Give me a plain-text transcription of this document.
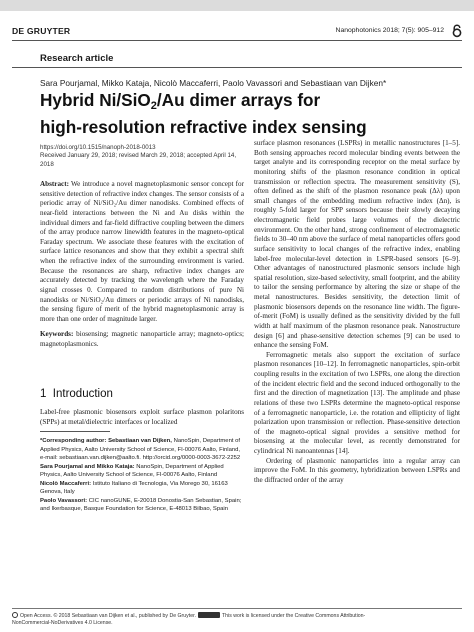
DE GRUYTER	Nanophotonics 2018; 7(5): 905–912
Research article
Sara Pourjamal, Mikko Kataja, Nicolò Maccaferri, Paolo Vavassori and Sebastiaan van Dijken*
Hybrid Ni/SiO$_2$/Au dimer arrays for
high-resolution refractive index sensing
https://doi.org/10.1515/nanoph-2018-0013
Received January 29, 2018; revised March 29, 2018; accepted April 14, 2018

Abstract: We introduce a novel magnetoplasmonic sensor concept for sensitive detection of refractive index changes. The sensor consists of a periodic array of Ni/SiO₂/Au dimer nanodisks. Combined effects of near-field interactions between the Ni and Au disks within the individual dimers and far-field diffractive coupling between the dimers of the array produce narrow linewidth features in the magneto-optical Faraday spectrum. We associate these features with the excitation of surface lattice resonances and show that they exhibit a spectral shift when the refractive index of the surrounding environment is varied. Because the resonances are sharp, refractive index changes are accurately detected by tracking the wavelength where the Faraday signal crosses 0. Compared to random distributions of pure Ni nanodisks or Ni/SiO₂/Au dimers or periodic arrays of Ni nanodisks, the sensing figure of merit of the hybrid magnetoplasmonic array is more than one order of magnitude larger.

Keywords: biosensing; magnetic nanoparticle array; magneto-optics; magnetoplasmonics.

1 Introduction
Label-free plasmonic biosensors exploit surface plasmon polaritons (SPPs) at metal/dielectric interfaces or localized
*Corresponding author: Sebastiaan van Dijken, NanoSpin, Department of Applied Physics, Aalto University School of Science, FI-00076 Aalto, Finland, e-mail: sebastiaan.van.dijken@aalto.fi. http://orcid.org/0000-0003-3672-2252
Sara Pourjamal and Mikko Kataja: NanoSpin, Department of Applied Physics, Aalto University School of Science, FI-00076 Aalto, Finland
Nicolò Maccaferri: Istituto Italiano di Tecnologia, Via Morego 30, 16163 Genova, Italy
Paolo Vavassori: CIC nanoGUNE, E-20018 Donostia-San Sebastian, Spain; and Ikerbasque, Basque Foundation for Science, E-48013 Bilbao, Spain

surface plasmon resonances (LSPRs) in metallic nanostructures [1–5]. Both sensing approaches record molecular binding events between the target analyte and its corresponding receptor on the metal surface by monitoring shifts of the plasmon resonance condition in optical transmission or reflection spectra. The measurement sensitivity (S), often defined as the shift of the plasmon resonance peak (Δλ) upon small changes of the embedding medium refractive index (Δn), is roughly 5-fold larger for SPP sensors because their slowly decaying electromagnetic field probes large volumes of the dielectric environment. On the other hand, strong confinement of electromagnetic fields to 30–40 nm above the surface of metal nanoparticles offers good surface sensitivity to local changes of the refractive index, enabling label-free molecular-level detection in LSPR-based sensors [6–9]. Other advantages of nanostructured plasmonic sensors include high spatial resolution, size-based selectivity, small footprint, and the ability to tailor the sensing performance by altering the size or shape of the metal nanostructures. Besides sensitivity, the detection limit of plasmonic biosensors depends on the resonance line width. The figure-of-merit (FoM) is usually defined as the sensitivity divided by the full width at half maximum of the plasmon resonance peak. Nanostructure design [6] and phase-sensitive detection schemes [9] can be used to enhance the sensing FoM.

Ferromagnetic metals also support the excitation of surface plasmon resonances [10–12]. In ferromagnetic nanoparticles, spin-orbit coupling results in the excitation of two LSPRs, one along the direction of the incident electric field and the second induced orthogonally to the first and the direction of magnetization [13]. The amplitude and phase relations of these two LSPRs determine the magneto-optical response of a ferromagnetic nanoparticle, i.e. the rotation and ellipticity of light polarization upon transmission or reflection. Phase-sensitive detection of the magneto-optical signal provides a sensitive method for biosensing at the molecular level, as recently demonstrated for cylindrical Ni nanoantennas [14].

Ordering of plasmonic nanoparticles into a regular array can improve the FoM. In this geometry, hybridization between LSPRs and the diffracted order of the array

Open Access. © 2018 Sebastiaan van Dijken et al., published by De Gruyter.	This work is licensed under the Creative Commons Attribution-
NonCommercial-NoDerivatives 4.0 License.
